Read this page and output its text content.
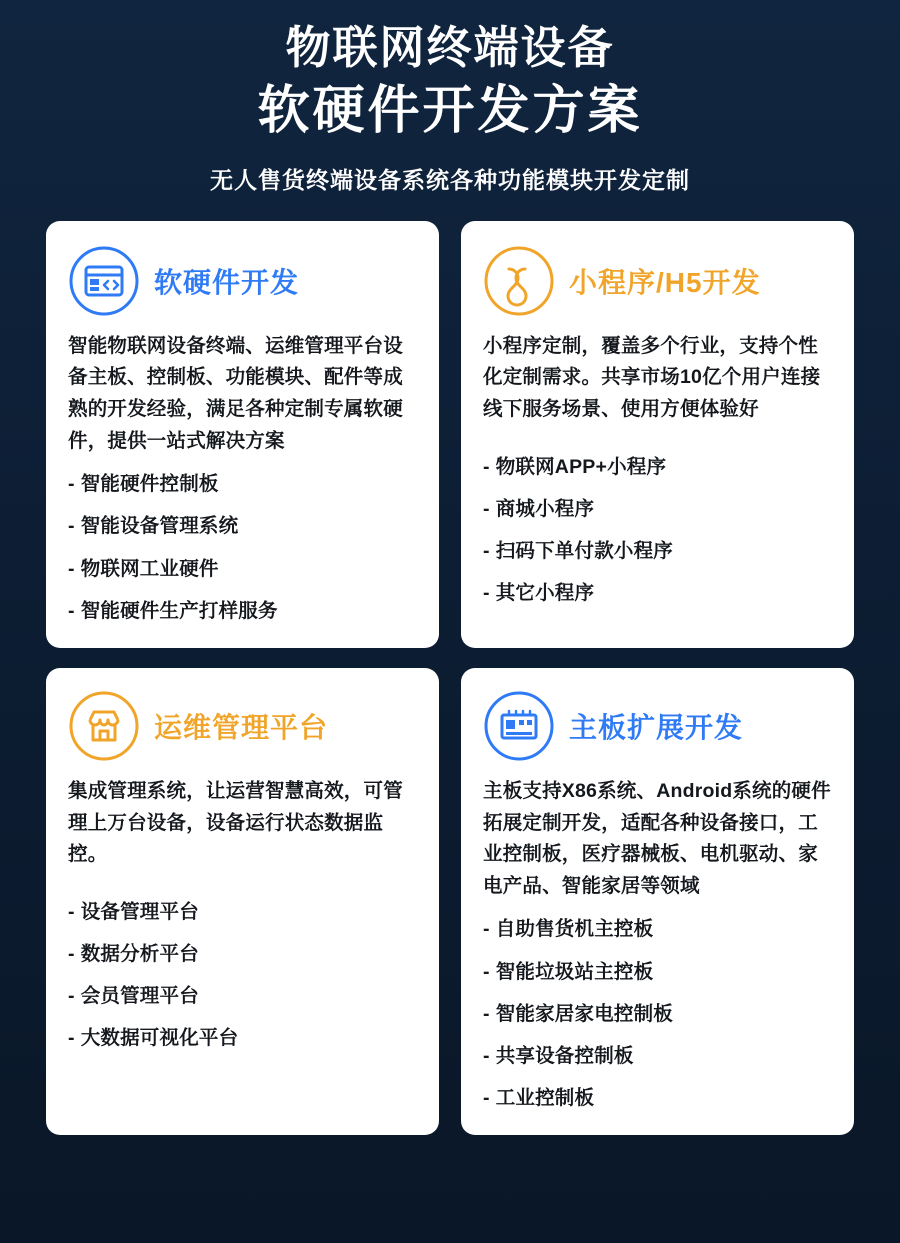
物联网终端设备
软硬件开发方案
无人售货终端设备系统各种功能模块开发定制
软硬件开发
智能物联网设备终端、运维管理平台设备主板、控制板、功能模块、配件等成熟的开发经验，满足各种定制专属软硬件，提供一站式解决方案
- 智能硬件控制板
- 智能设备管理系统
- 物联网工业硬件
- 智能硬件生产打样服务
小程序/H5开发
小程序定制，覆盖多个行业，支持个性化定制需求。共享市场10亿个用户连接线下服务场景、使用方便体验好
- 物联网APP+小程序
- 商城小程序
- 扫码下单付款小程序
- 其它小程序
运维管理平台
集成管理系统，让运营智慧高效，可管理上万台设备，设备运行状态数据监控。
- 设备管理平台
- 数据分析平台
- 会员管理平台
- 大数据可视化平台
主板扩展开发
主板支持X86系统、Android系统的硬件拓展定制开发，适配各种设备接口，工业控制板，医疗器械板、电机驱动、家电产品、智能家居等领域
- 自助售货机主控板
- 智能垃圾站主控板
- 智能家居家电控制板
- 共享设备控制板
- 工业控制板
